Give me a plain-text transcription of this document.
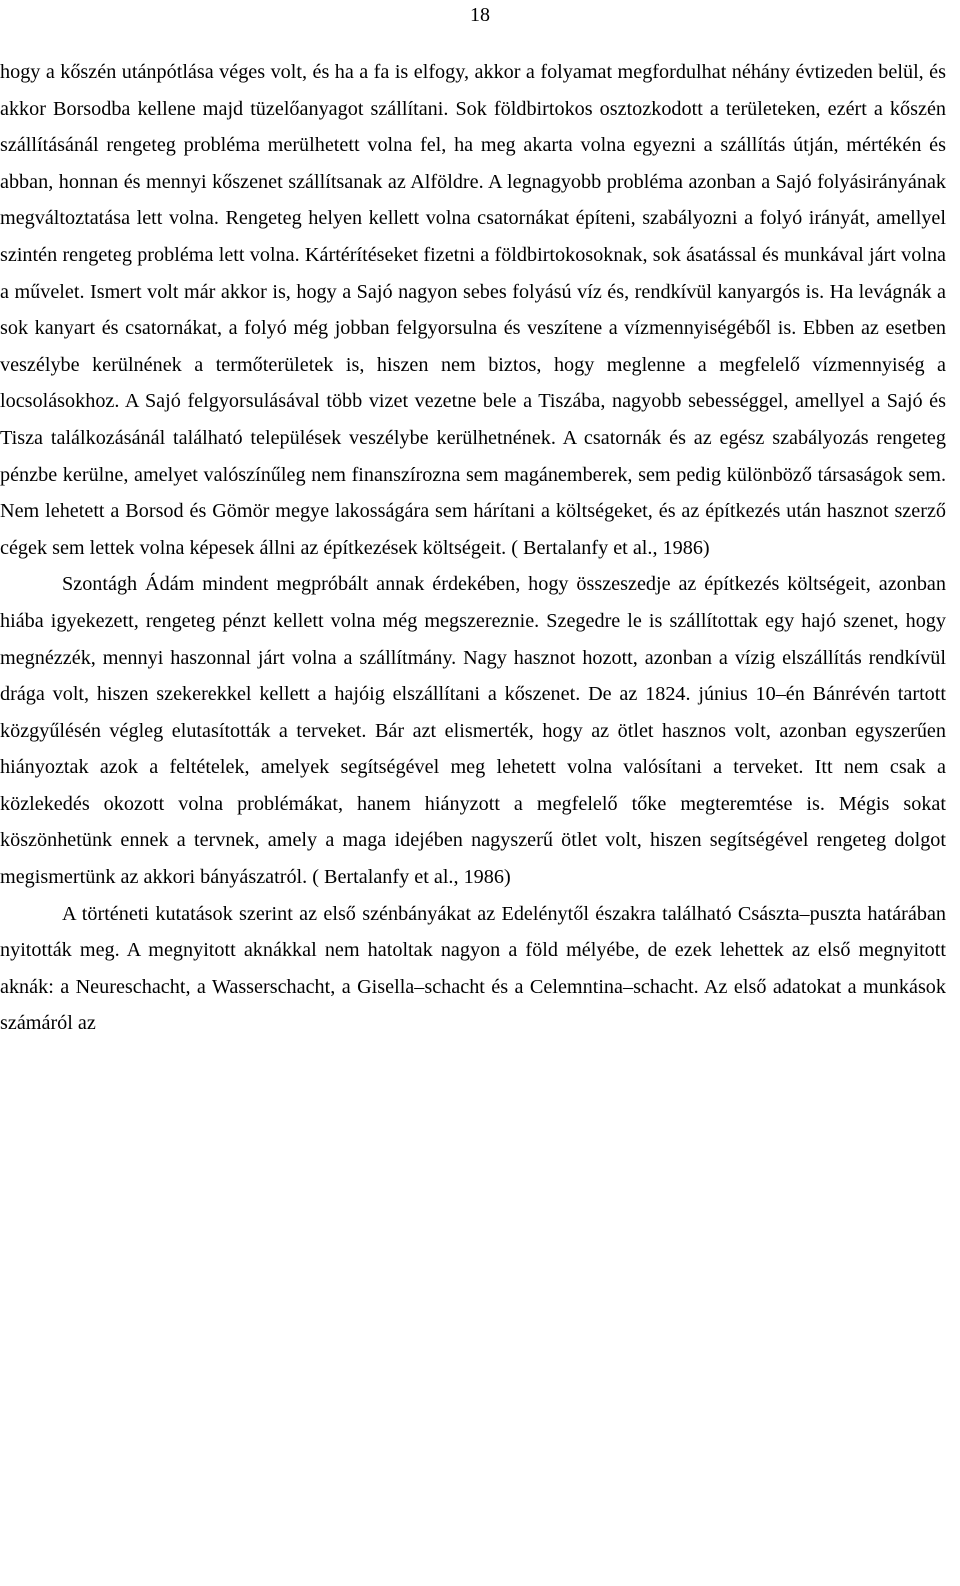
18

hogy a kőszén utánpótlása véges volt, és ha a fa is elfogy, akkor a folyamat megfordulhat néhány évtizeden belül, és akkor Borsodba kellene majd tüzelőanyagot szállítani. Sok földbirtokos osztozkodott a területeken, ezért a kőszén szállításánál rengeteg probléma merülhetett volna fel, ha meg akarta volna egyezni a szállítás útján, mértékén és abban, honnan és mennyi kőszenet szállítsanak az Alföldre. A legnagyobb probléma azonban a Sajó folyásirányának megváltoztatása lett volna. Rengeteg helyen kellett volna csatornákat építeni, szabályozni a folyó irányát, amellyel szintén rengeteg probléma lett volna. Kártérítéseket fizetni a földbirtokosoknak, sok ásatással és munkával járt volna a művelet. Ismert volt már akkor is, hogy a Sajó nagyon sebes folyású víz és, rendkívül kanyargós is. Ha levágnák a sok kanyart és csatornákat, a folyó még jobban felgyorsulna és veszítene a vízmennyiségéből is. Ebben az esetben veszélybe kerülnének a termőterületek is, hiszen nem biztos, hogy meglenne a megfelelő vízmennyiség a locsolásokhoz. A Sajó felgyorsulásával több vizet vezetne bele a Tiszába, nagyobb sebességgel, amellyel a Sajó és Tisza találkozásánál található települések veszélybe kerülhetnének. A csatornák és az egész szabályozás rengeteg pénzbe kerülne, amelyet valószínűleg nem finanszírozna sem magánemberek, sem pedig különböző társaságok sem. Nem lehetett a Borsod és Gömör megye lakosságára sem hárítani a költségeket, és az építkezés után hasznot szerző cégek sem lettek volna képesek állni az építkezések költségeit. ( Bertalanfy et al., 1986)

Szontágh Ádám mindent megpróbált annak érdekében, hogy összeszedje az építkezés költségeit, azonban hiába igyekezett, rengeteg pénzt kellett volna még megszereznie. Szegedre le is szállítottak egy hajó szenet, hogy megnézzék, mennyi haszonnal járt volna a szállítmány. Nagy hasznot hozott, azonban a vízig elszállítás rendkívül drága volt, hiszen szekerekkel kellett a hajóig elszállítani a kőszenet. De az 1824. június 10–én Bánrévén tartott közgyűlésén végleg elutasították a terveket. Bár azt elismerték, hogy az ötlet hasznos volt, azonban egyszerűen hiányoztak azok a feltételek, amelyek segítségével meg lehetett volna valósítani a terveket. Itt nem csak a közlekedés okozott volna problémákat, hanem hiányzott a megfelelő tőke megteremtése is. Mégis sokat köszönhetünk ennek a tervnek, amely a maga idejében nagyszerű ötlet volt, hiszen segítségével rengeteg dolgot megismertünk az akkori bányászatról. ( Bertalanfy et al., 1986)

A történeti kutatások szerint az első szénbányákat az Edelénytől északra található Császta–puszta határában nyitották meg. A megnyitott aknákkal nem hatoltak nagyon a föld mélyébe, de ezek lehettek az első megnyitott aknák: a Neureschacht, a Wasserschacht, a Gisella–schacht és a Celemntina–schacht. Az első adatokat a munkások számáról az
